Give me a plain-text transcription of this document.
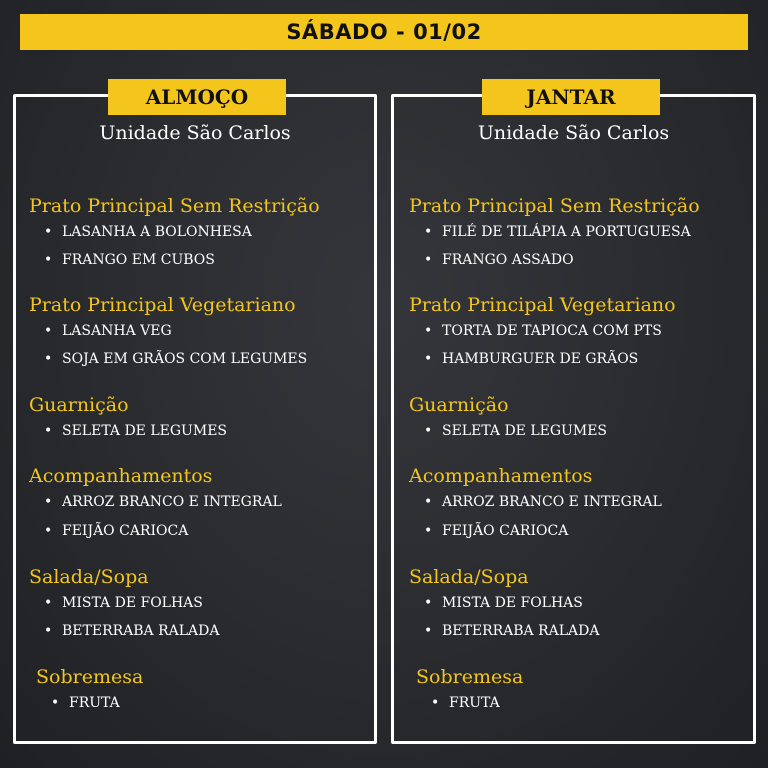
SÁBADO - 01/02
ALMOÇO
Unidade São Carlos
Prato Principal Sem Restrição
• LASANHA A BOLONHESA
• FRANGO EM CUBOS
Prato Principal Vegetariano
• LASANHA VEG
• SOJA EM GRÃOS COM LEGUMES
Guarnição
• SELETA DE LEGUMES
Acompanhamentos
• ARROZ BRANCO E INTEGRAL
• FEIJÃO CARIOCA
Salada/Sopa
• MISTA DE FOLHAS
• BETERRABA RALADA
Sobremesa
• FRUTA
JANTAR
Unidade São Carlos
Prato Principal Sem Restrição
• FILÉ DE TILÁPIA A PORTUGUESA
• FRANGO ASSADO
Prato Principal Vegetariano
• TORTA DE TAPIOCA COM PTS
• HAMBURGUER DE GRÃOS
Guarnição
• SELETA DE LEGUMES
Acompanhamentos
• ARROZ BRANCO E INTEGRAL
• FEIJÃO CARIOCA
Salada/Sopa
• MISTA DE FOLHAS
• BETERRABA RALADA
Sobremesa
• FRUTA
